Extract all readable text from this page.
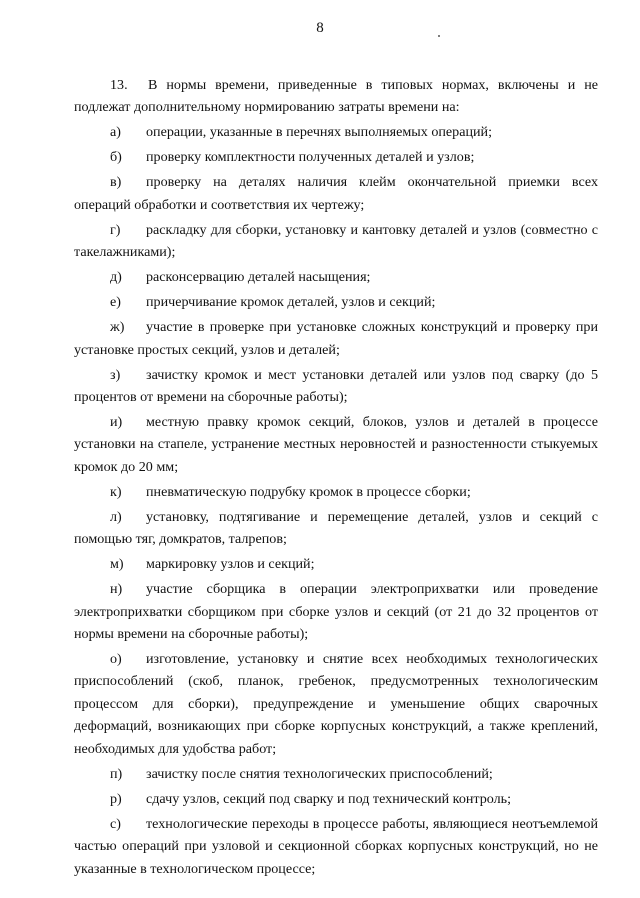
8

13. В нормы времени, приведенные в типовых нормах, включены и не подлежат дополнительному нормированию затраты времени на:

а) операции, указанные в перечнях выполняемых операций;

б) проверку комплектности полученных деталей и узлов;

в) проверку на деталях наличия клейм окончательной приемки всех операций обработки и соответствия их чертежу;

г) раскладку для сборки, установку и кантовку деталей и узлов (совместно с такелажниками);

д) расконсервацию деталей насыщения;

е) причерчивание кромок деталей, узлов и секций;

ж) участие в проверке при установке сложных конструкций и проверку при установке простых секций, узлов и деталей;

з) зачистку кромок и мест установки деталей или узлов под сварку (до 5 процентов от времени на сборочные работы);

и) местную правку кромок секций, блоков, узлов и деталей в процессе установки на стапеле, устранение местных неровностей и разностенности стыкуемых кромок до 20 мм;

к) пневматическую подрубку кромок в процессе сборки;

л) установку, подтягивание и перемещение деталей, узлов и секций с помощью тяг, домкратов, талрепов;

м) маркировку узлов и секций;

н) участие сборщика в операции электроприхватки или проведение электроприхватки сборщиком при сборке узлов и секций (от 21 до 32 процентов от нормы времени на сборочные работы);

о) изготовление, установку и снятие всех необходимых технологических приспособлений (скоб, планок, гребенок, предусмотренных технологическим процессом для сборки), предупреждение и уменьшение общих сварочных деформаций, возникающих при сборке корпусных конструкций, а также креплений, необходимых для удобства работ;

п) зачистку после снятия технологических приспособлений;

р) сдачу узлов, секций под сварку и под технический контроль;

с) технологические переходы в процессе работы, являющиеся неотъемлемой частью операций при узловой и секционной сборках корпусных конструкций, но не указанные в технологическом процессе;
